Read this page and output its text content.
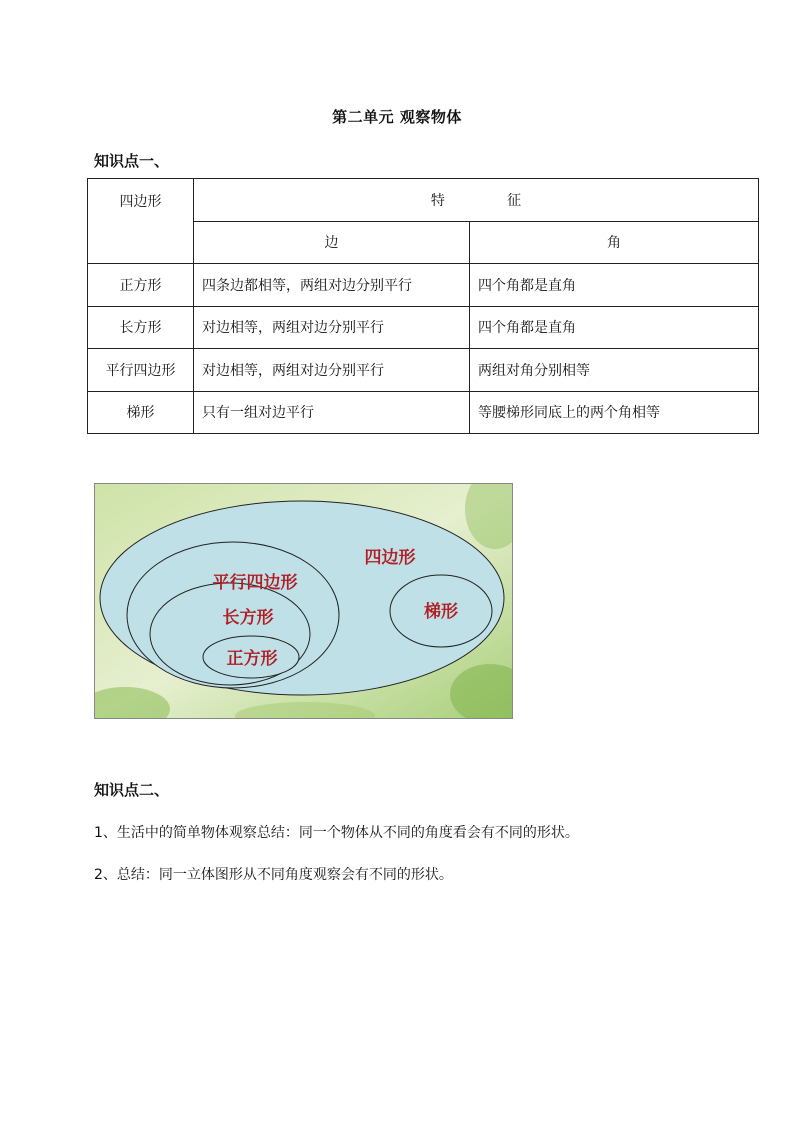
第二单元 观察物体
知识点一、
四边形	特              征	
	边	角
正方形	四条边都相等，两组对边分别平行	四个角都是直角
长方形	对边相等，两组对边分别平行	四个角都是直角
平行四边形	对边相等，两组对边分别平行	两组对角分别相等
梯形	只有一组对边平行	等腰梯形同底上的两个角相等
四边形
平行四边形
长方形
正方形
梯形
知识点二、
1、生活中的简单物体观察总结：同一个物体从不同的角度看会有不同的形状。
2、总结：同一立体图形从不同角度观察会有不同的形状。
